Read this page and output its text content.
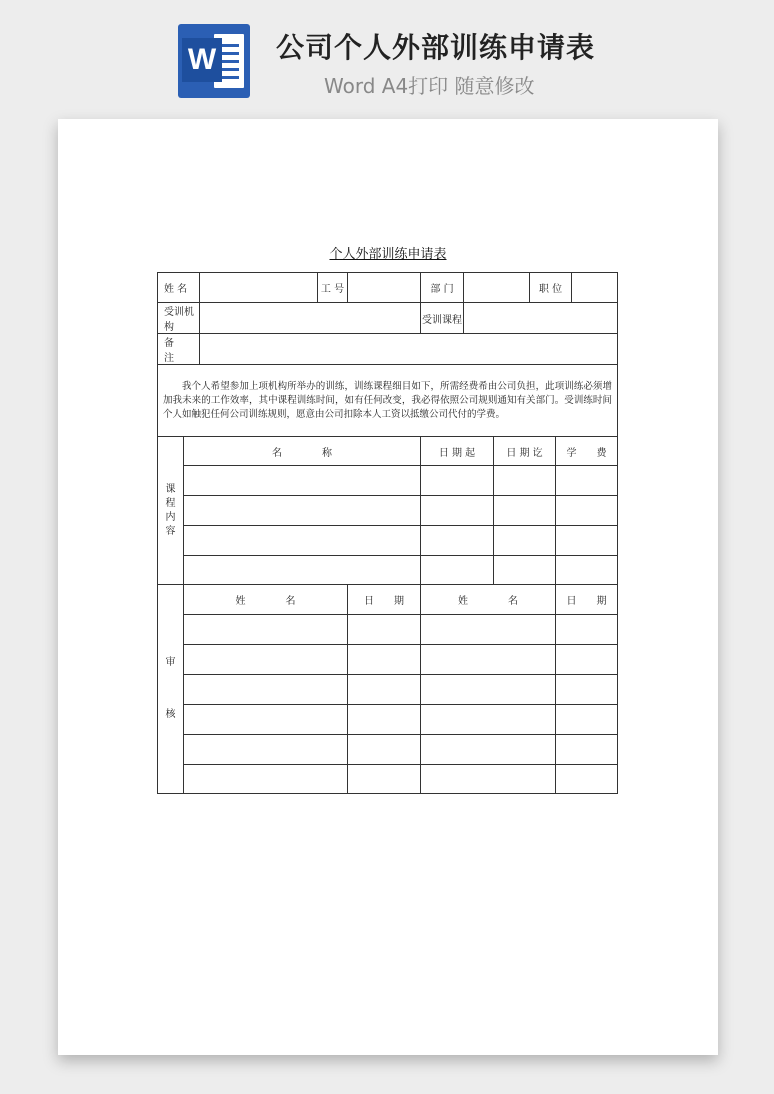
W 公司个人外部训练申请表
Word A4打印 随意修改
个人外部训练申请表
姓 名			工 号		部 门			职 位		
受训机构					受训课程					
备　　注										
我个人希望参加上项机构所举办的训练，训练课程细目如下，所需经费希由公司负担，此项训练必须增加我未来的工作效率，其中课程训练时间，如有任何改变，我必得依照公司规则通知有关部门。受训练时间个人如触犯任何公司训练规则，愿意由公司扣除本人工资以抵缴公司代付的学费。										
课程内容	名　　　　称				日 期 起		日 期 讫		学　　费	

审
核	姓　　　　名			日　　期	姓　　　　名				日　　期	
